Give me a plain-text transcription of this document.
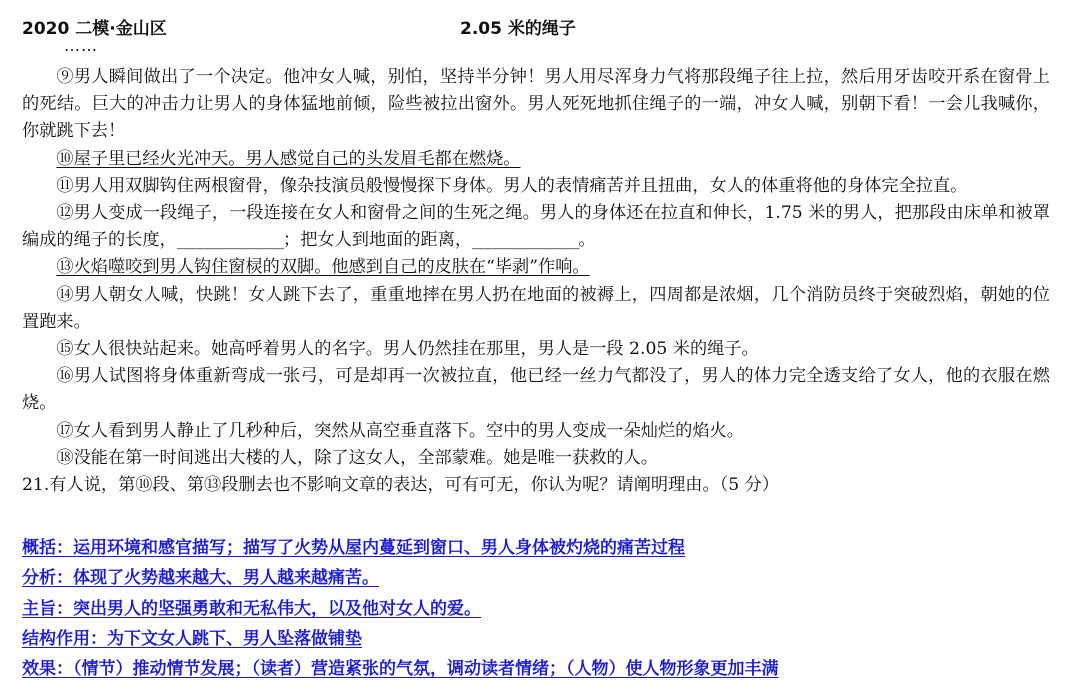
2020 二模·金山区	2.05 米的绳子
……

⑨男人瞬间做出了一个决定。他冲女人喊，别怕，坚持半分钟！男人用尽浑身力气将那段绳子往上拉，然后用牙齿咬开系在窗骨上的死结。巨大的冲击力让男人的身体猛地前倾，险些被拉出窗外。男人死死地抓住绳子的一端，冲女人喊，别朝下看！一会儿我喊你，你就跳下去！

⑩屋子里已经火光冲天。男人感觉自己的头发眉毛都在燃烧。

⑪男人用双脚钩住两根窗骨，像杂技演员般慢慢探下身体。男人的表情痛苦并且扭曲，女人的体重将他的身体完全拉直。

⑫男人变成一段绳子，一段连接在女人和窗骨之间的生死之绳。男人的身体还在拉直和伸长，1.75 米的男人，把那段由床单和被罩编成的绳子的长度，______________；把女人到地面的距离，______________。

⑬火焰噬咬到男人钩住窗棂的双脚。他感到自己的皮肤在“毕剥”作响。

⑭男人朝女人喊，快跳！女人跳下去了，重重地摔在男人扔在地面的被褥上，四周都是浓烟，几个消防员终于突破烈焰，朝她的位置跑来。

⑮女人很快站起来。她高呼着男人的名字。男人仍然挂在那里，男人是一段 2.05 米的绳子。

⑯男人试图将身体重新弯成一张弓，可是却再一次被拉直，他已经一丝力气都没了，男人的体力完全透支给了女人，他的衣服在燃烧。

⑰女人看到男人静止了几秒种后，突然从高空垂直落下。空中的男人变成一朵灿烂的焰火。

⑱没能在第一时间逃出大楼的人，除了这女人，全部蒙难。她是唯一获救的人。

21.有人说，第⑩段、第⑬段删去也不影响文章的表达，可有可无，你认为呢？请阐明理由。（5 分）

概括：运用环境和感官描写；描写了火势从屋内蔓延到窗口、男人身体被灼烧的痛苦过程
分析：体现了火势越来越大、男人越来越痛苦。
主旨：突出男人的坚强勇敢和无私伟大，以及他对女人的爱。
结构作用：为下文女人跳下、男人坠落做铺垫
效果：（情节）推动情节发展；（读者）营造紧张的气氛，调动读者情绪；（人物）使人物形象更加丰满
